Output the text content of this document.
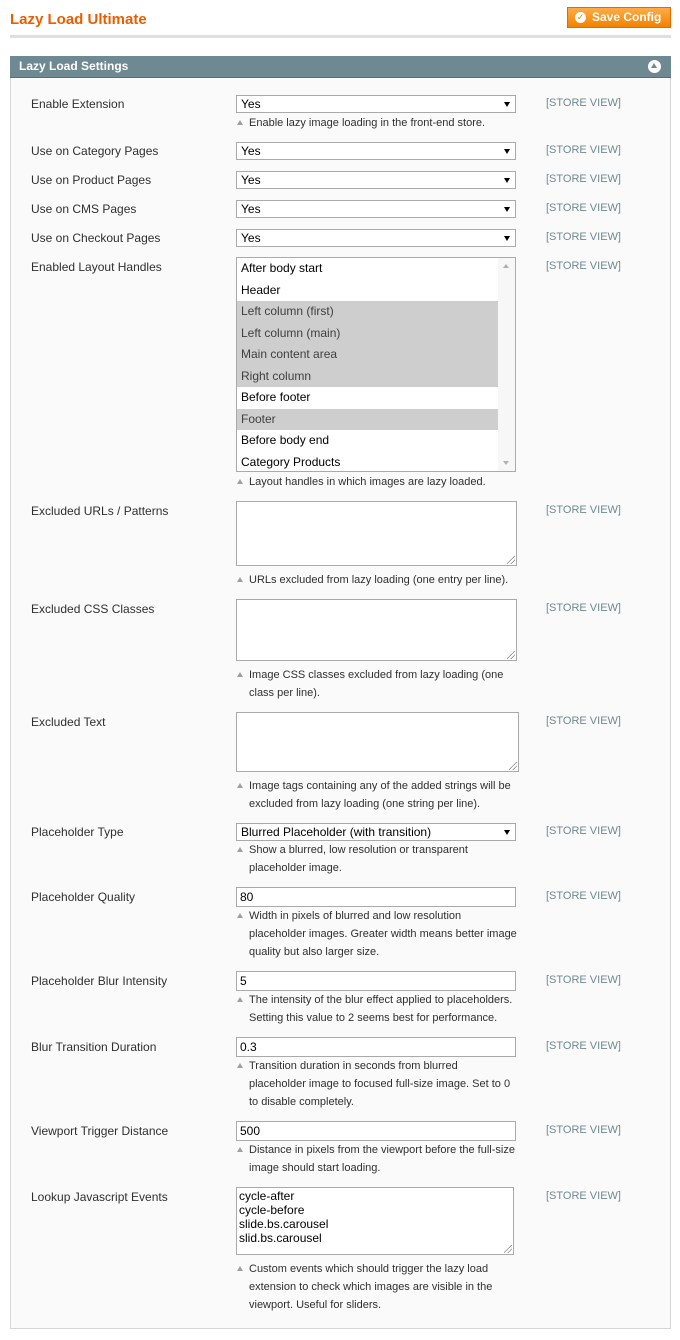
Lazy Load Ultimate	✓ Save Config
Lazy Load Settings
Enable Extension	Yes	[STORE VIEW]
Enable lazy image loading in the front-end store.
Use on Category Pages	Yes	[STORE VIEW]
Use on Product Pages	Yes	[STORE VIEW]
Use on CMS Pages	Yes	[STORE VIEW]
Use on Checkout Pages	Yes	[STORE VIEW]
Enabled Layout Handles	After body start
Header
Left column (first)
Left column (main)
Main content area
Right column
Before footer
Footer
Before body end
Category Products
[STORE VIEW]
Layout handles in which images are lazy loaded.
Excluded URLs / Patterns	[STORE VIEW]
URLs excluded from lazy loading (one entry per line).
Excluded CSS Classes	[STORE VIEW]
Image CSS classes excluded from lazy loading (one
class per line).
Excluded Text	[STORE VIEW]
Image tags containing any of the added strings will be
excluded from lazy loading (one string per line).
Placeholder Type	Blurred Placeholder (with transition)	[STORE VIEW]
Show a blurred, low resolution or transparent
placeholder image.
Placeholder Quality	80	[STORE VIEW]
Width in pixels of blurred and low resolution
placeholder images. Greater width means better image
quality but also larger size.
Placeholder Blur Intensity	5	[STORE VIEW]
The intensity of the blur effect applied to placeholders.
Setting this value to 2 seems best for performance.
Blur Transition Duration	0.3	[STORE VIEW]
Transition duration in seconds from blurred
placeholder image to focused full-size image. Set to 0
to disable completely.
Viewport Trigger Distance	500	[STORE VIEW]
Distance in pixels from the viewport before the full-size
image should start loading.
Lookup Javascript Events	cycle-after
cycle-before
slide.bs.carousel
slid.bs.carousel
[STORE VIEW]
Custom events which should trigger the lazy load
extension to check which images are visible in the
viewport. Useful for sliders.
